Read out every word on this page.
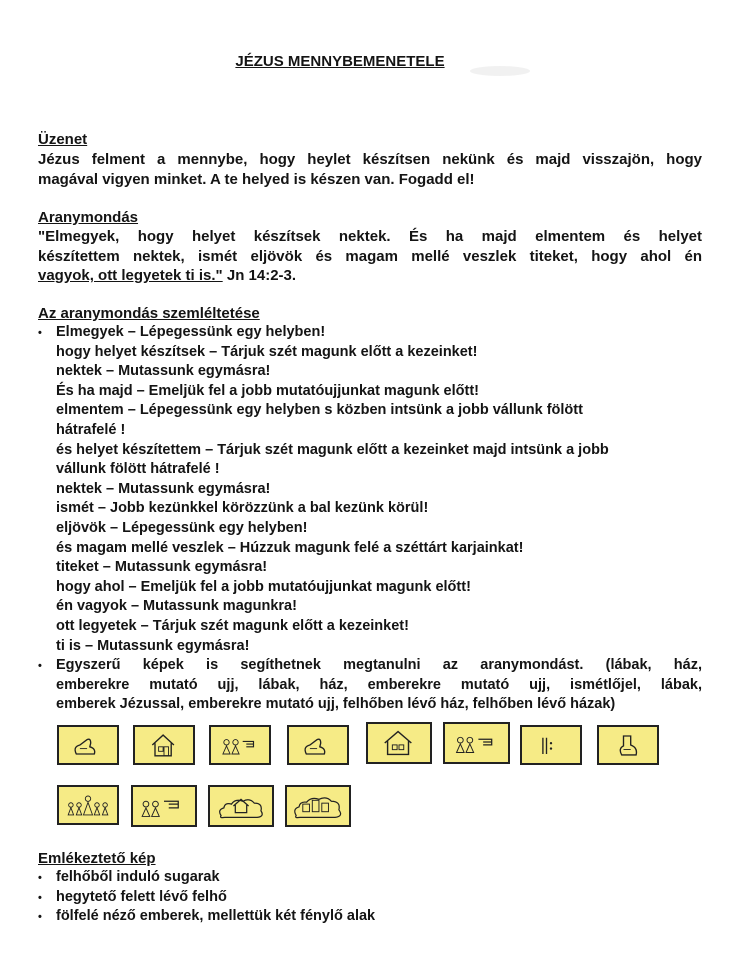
JÉZUS MENNYBEMENETELE
Üzenet
Jézus felment a mennybe, hogy heylet készítsen nekünk és majd visszajön, hogy
magával vigyen minket. A te helyed is készen van. Fogadd el!
Aranymondás
"Elmegyek, hogy helyet készítsek nektek. És ha majd elmentem és helyet
készítettem nektek, ismét eljövök és magam mellé veszlek titeket, hogy ahol én
vagyok, ott legyetek ti is." Jn 14:2-3.
Az aranymondás szemléltetése
• Elmegyek – Lépegessünk egy helyben!
hogy helyet készítsek – Tárjuk szét magunk előtt a kezeinket!
nektek – Mutassunk egymásra!
És ha majd – Emeljük fel a jobb mutatóujjunkat magunk előtt!
elmentem – Lépegessünk egy helyben s közben intsünk a jobb vállunk fölött
hátrafelé !
és helyet készítettem – Tárjuk szét magunk előtt a kezeinket majd intsünk a jobb
vállunk fölött hátrafelé !
nektek – Mutassunk egymásra!
ismét – Jobb kezünkkel körözzünk a bal kezünk körül!
eljövök – Lépegessünk egy helyben!
és magam mellé veszlek – Húzzuk magunk felé a széttárt karjainkat!
titeket – Mutassunk egymásra!
hogy ahol – Emeljük fel a jobb mutatóujjunkat magunk előtt!
én vagyok – Mutassunk magunkra!
ott legyetek – Tárjuk szét magunk előtt a kezeinket!
ti is – Mutassunk egymásra!
• Egyszerű képek is segíthetnek megtanulni az aranymondást. (lábak, ház,
emberekre mutató ujj, lábak, ház, emberekre mutató ujj, ismétlőjel, lábak,
emberek Jézussal, emberekre mutató ujj, felhőben lévő ház, felhőben lévő házak)
Emlékeztető kép
• felhőből induló sugarak
• hegytető felett lévő felhő
• fölfelé néző emberek, mellettük két fénylő alak
